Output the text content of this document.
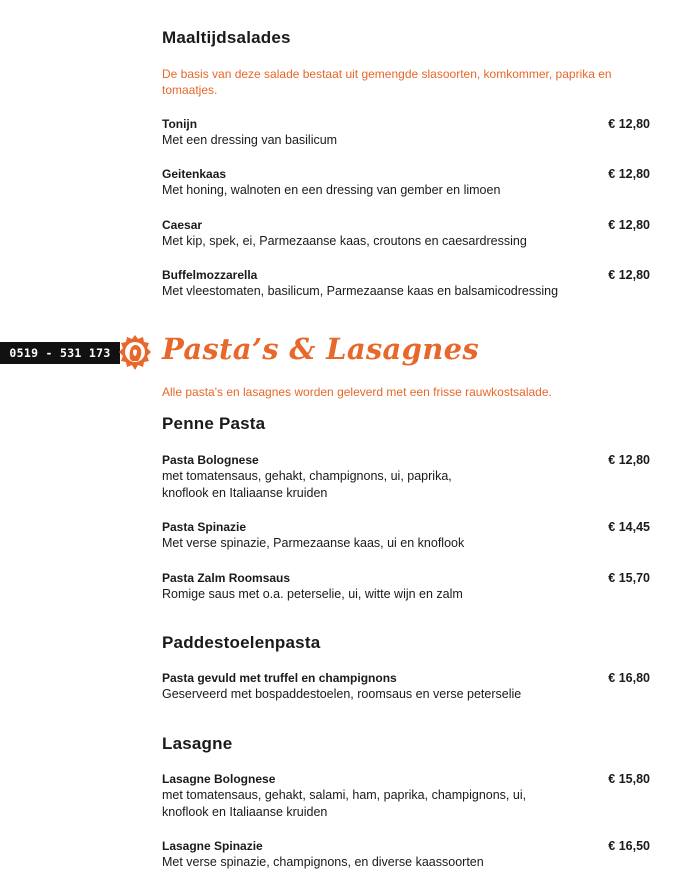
Maaltijdsalades
De basis van deze salade bestaat uit gemengde slasoorten, komkommer, paprika en tomaatjes.
Tonijn
Met een dressing van basilicum
€ 12,80
Geitenkaas
Met honing, walnoten en een dressing van gember en limoen
€ 12,80
Caesar
Met kip, spek, ei, Parmezaanse kaas, croutons en caesardressing
€ 12,80
Buffelmozzarella
Met vleestomaten, basilicum, Parmezaanse kaas en balsamicodressing
€ 12,80
0519 - 531 173	Pasta’s & Lasagnes
Alle pasta's en lasagnes worden geleverd met een frisse rauwkostsalade.
Penne Pasta
Pasta Bolognese
met tomatensaus, gehakt, champignons, ui, paprika, knoflook en Italiaanse kruiden
€ 12,80
Pasta Spinazie
Met verse spinazie, Parmezaanse kaas, ui en knoflook
€ 14,45
Pasta Zalm Roomsaus
Romige saus met o.a. peterselie, ui, witte wijn en zalm
€ 15,70
Paddestoelenpasta
Pasta gevuld met truffel en champignons
Geserveerd met bospaddestoelen, roomsaus en verse peterselie
€ 16,80
Lasagne
Lasagne Bolognese
met tomatensaus, gehakt, salami, ham, paprika, champignons, ui, knoflook en Italiaanse kruiden
€ 15,80
Lasagne Spinazie
Met verse spinazie, champignons, en diverse kaassoorten
€ 16,50
